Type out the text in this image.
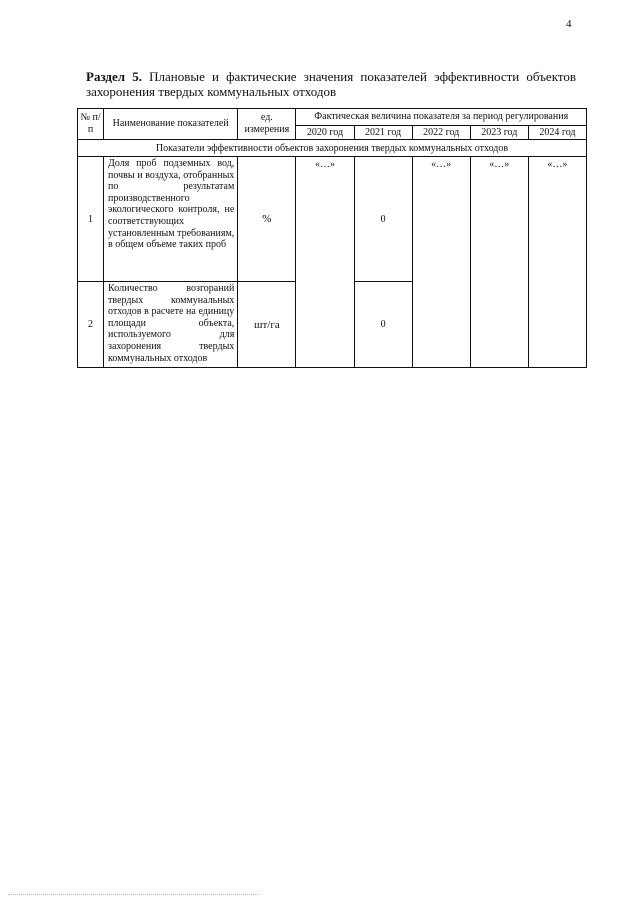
4
Раздел 5. Плановые и фактические значения показателей эффективности объектов захоронения твердых коммунальных отходов
№ п/п	Наименование показателей	ед. измерения	Фактическая величина показателя за период регулирования				
			2020 год	2021 год	2022 год	2023 год	2024 год
Показатели эффективности объектов захоронения твердых коммунальных отходов							
1	Доля проб подземных вод, почвы и воздуха, отобранных по результатам производственного экологического контроля, не соответствующих установленным требованиям, в общем объеме таких проб	%	«…»	0	«…»	«…»	«…»
2	Количество возгораний твердых коммунальных отходов в расчете на единицу площади объекта, используемого для захоронения твердых коммунальных отходов	шт/га		0			
